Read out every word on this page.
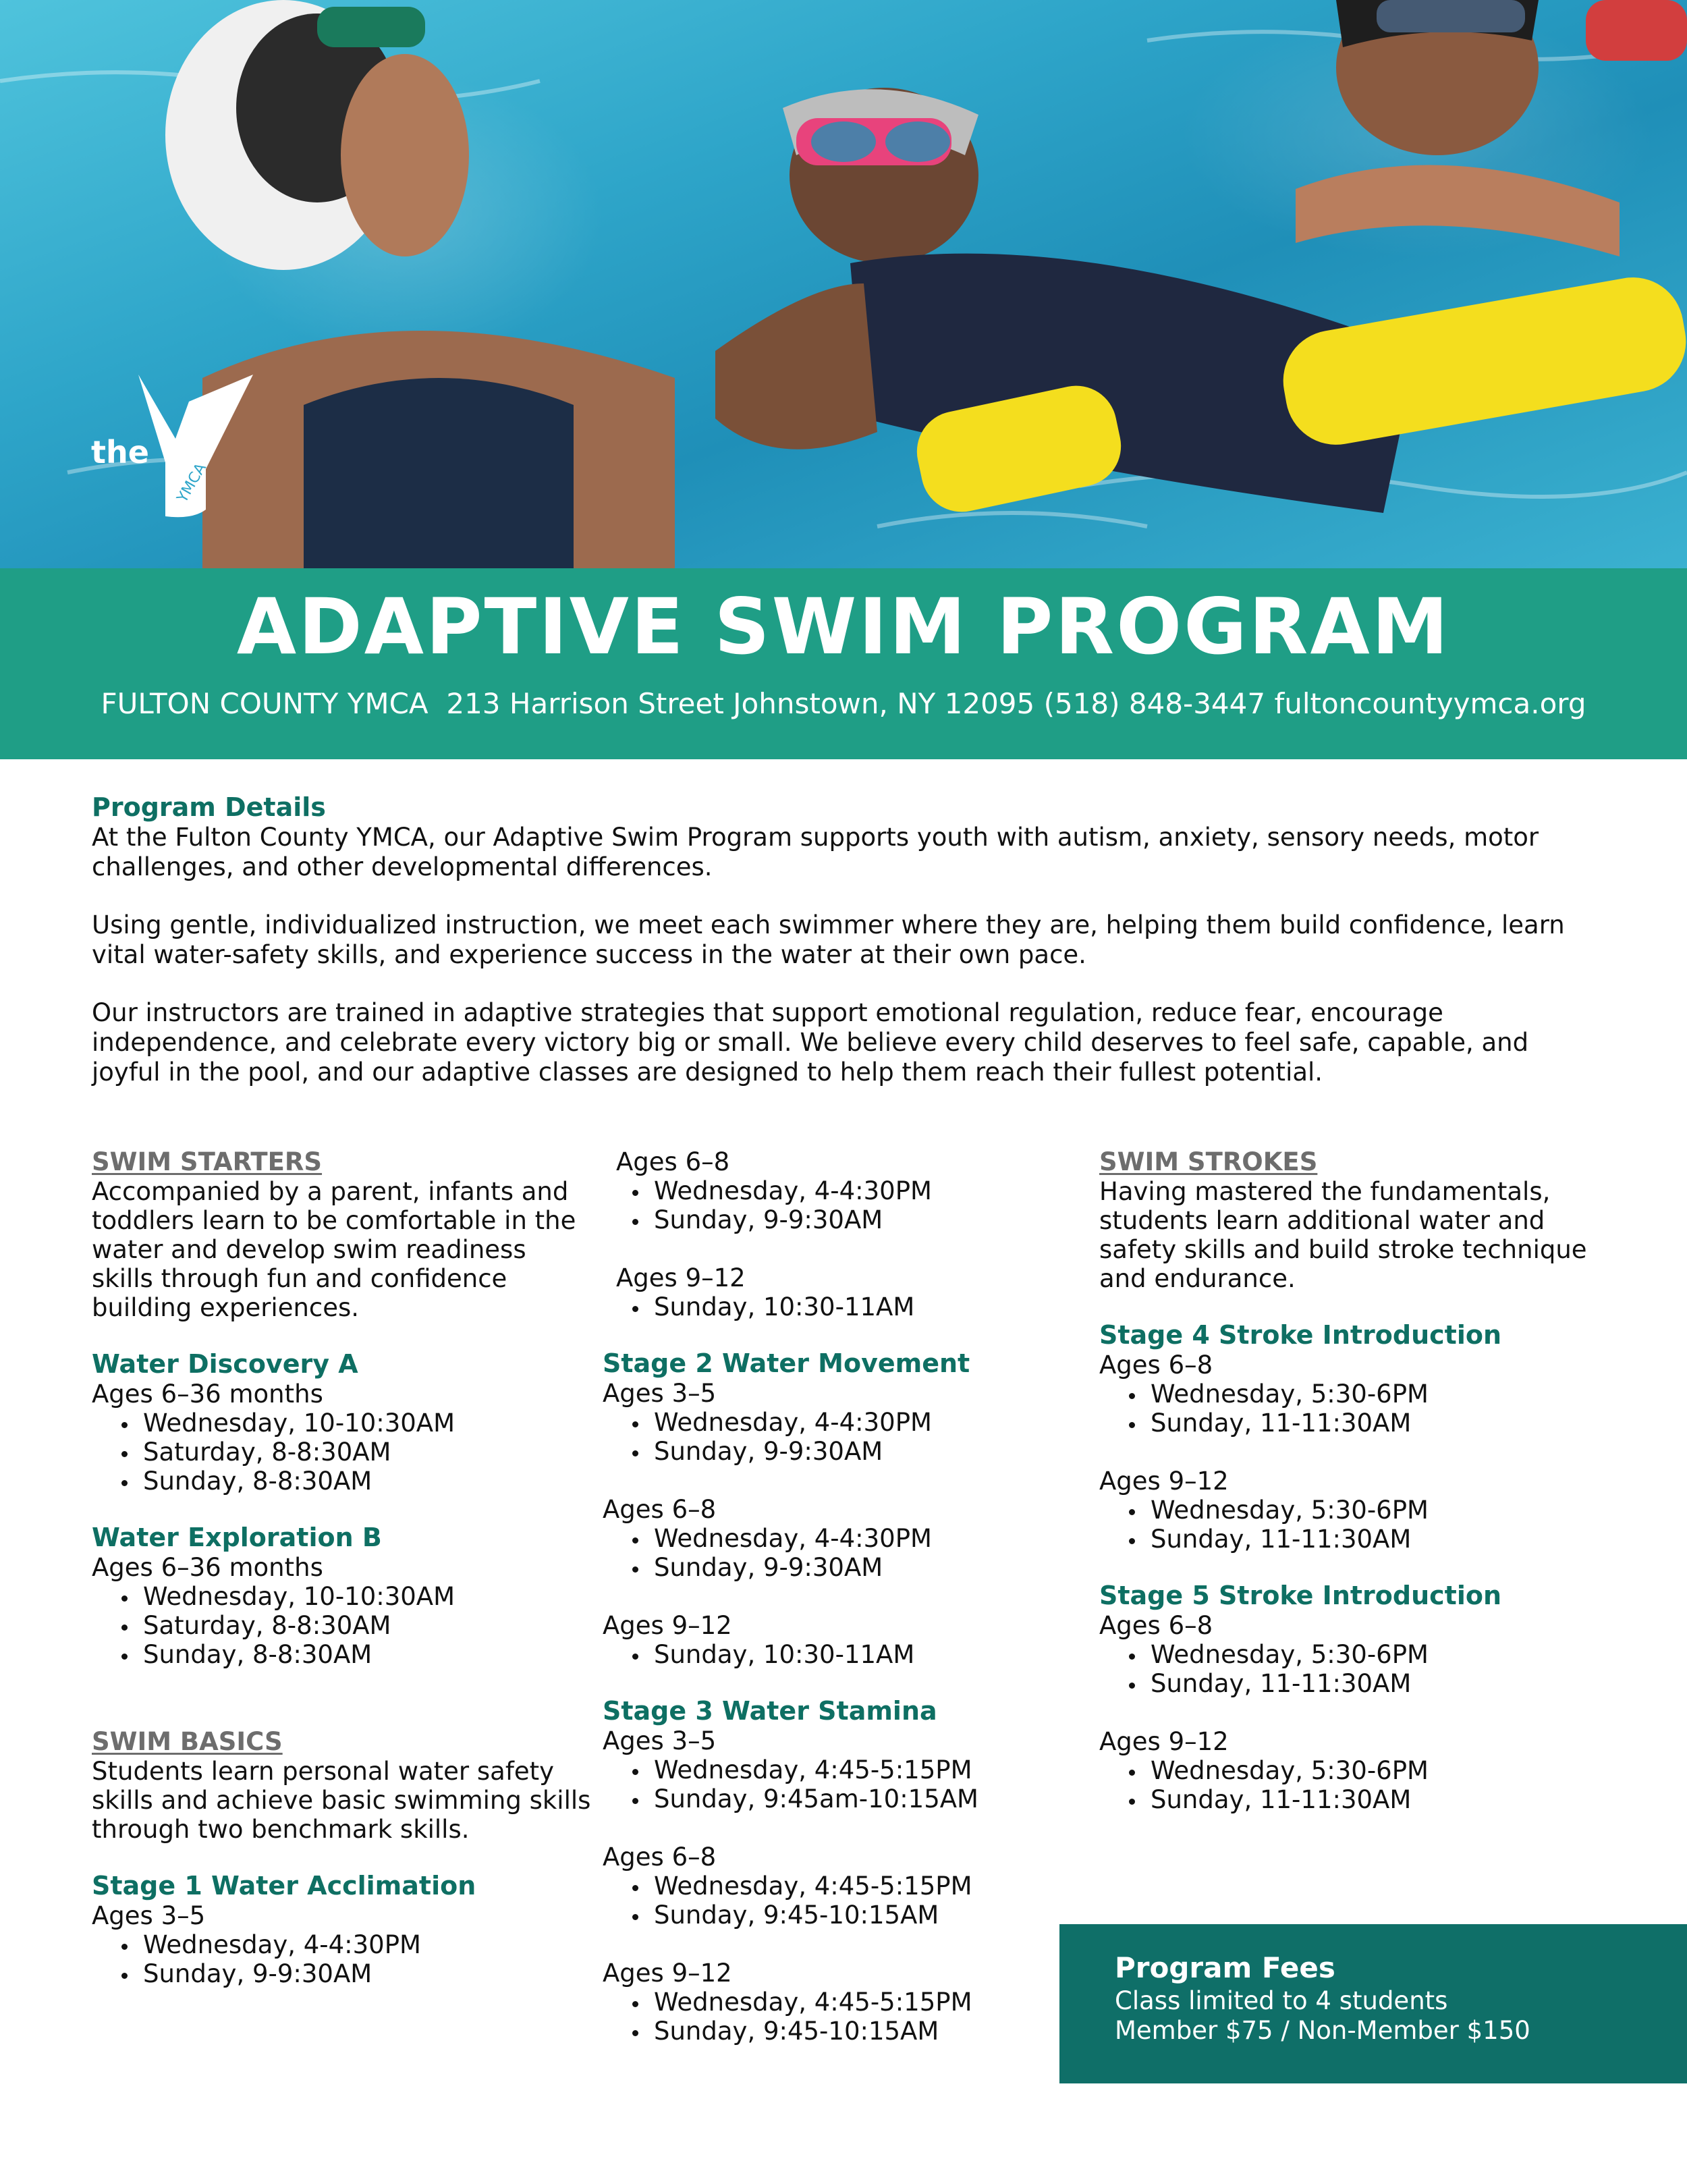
YMCA
the
ADAPTIVE SWIM PROGRAM
FULTON COUNTY YMCA  213 Harrison Street Johnstown, NY 12095 (518) 848-3447 fultoncountyymca.org
Program Details

At the Fulton County YMCA, our Adaptive Swim Program supports youth with autism, anxiety, sensory needs, motor challenges, and other developmental differences.

Using gentle, individualized instruction, we meet each swimmer where they are, helping them build confidence, learn vital water-safety skills, and experience success in the water at their own pace.

Our instructors are trained in adaptive strategies that support emotional regulation, reduce fear, encourage independence, and celebrate every victory big or small. We believe every child deserves to feel safe, capable, and joyful in the pool, and our adaptive classes are designed to help them reach their fullest potential.

SWIM STARTERS
Accompanied by a parent, infants and toddlers learn to be comfortable in the water and develop swim readiness skills through fun and confidence building experiences.
Water Discovery A
Ages 6–36 months
Wednesday, 10-10:30AM
Saturday, 8-8:30AM
Sunday, 8-8:30AM
Water Exploration B
Ages 6–36 months
Wednesday, 10-10:30AM
Saturday, 8-8:30AM
Sunday, 8-8:30AM
SWIM BASICS
Students learn personal water safety skills and achieve basic swimming skills through two benchmark skills.
Stage 1 Water Acclimation
Ages 3–5
Wednesday, 4-4:30PM
Sunday, 9-9:30AM
Ages 6–8
Wednesday, 4-4:30PM
Sunday, 9-9:30AM
Ages 9–12
Sunday, 10:30-11AM
Stage 2 Water Movement
Ages 3–5
Wednesday, 4-4:30PM
Sunday, 9-9:30AM
Ages 6–8
Wednesday, 4-4:30PM
Sunday, 9-9:30AM
Ages 9–12
Sunday, 10:30-11AM
Stage 3 Water Stamina
Ages 3–5
Wednesday, 4:45-5:15PM
Sunday, 9:45am-10:15AM
Ages 6–8
Wednesday, 4:45-5:15PM
Sunday, 9:45-10:15AM
Ages 9–12
Wednesday, 4:45-5:15PM
Sunday, 9:45-10:15AM
SWIM STROKES
Having mastered the fundamentals, students learn additional water and safety skills and build stroke technique and endurance.
Stage 4 Stroke Introduction
Ages 6–8
Wednesday, 5:30-6PM
Sunday, 11-11:30AM
Ages 9–12
Wednesday, 5:30-6PM
Sunday, 11-11:30AM
Stage 5 Stroke Introduction
Ages 6–8
Wednesday, 5:30-6PM
Sunday, 11-11:30AM
Ages 9–12
Wednesday, 5:30-6PM
Sunday, 11-11:30AM
Program Fees
Class limited to 4 students
Member $75 / Non-Member $150
